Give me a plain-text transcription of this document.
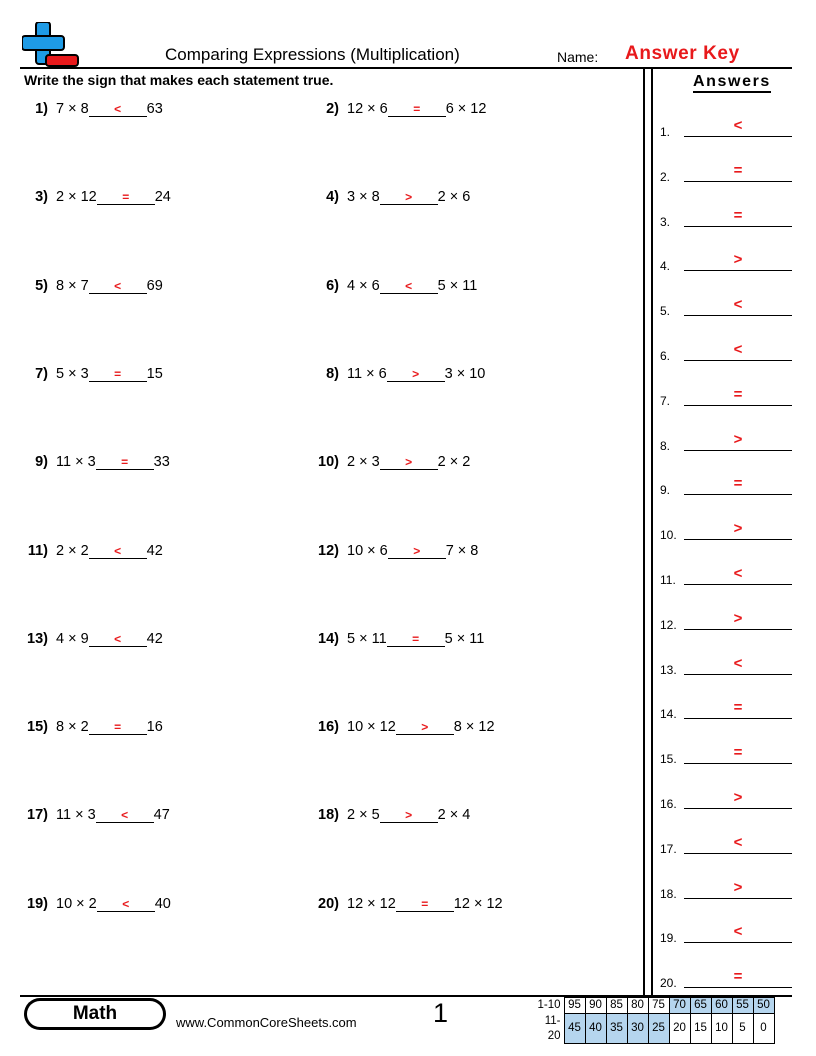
Comparing Expressions (Multiplication)	Name: Answer Key
Write the sign that makes each statement true.	Answers
1) 7 × 8	<	63	2) 12 × 6	=	6 × 12
3) 2 × 12	=	24	4) 3 × 8	>	2 × 6
5) 8 × 7	<	69	6) 4 × 6	<	5 × 11
7) 5 × 3	=	15	8) 11 × 6	>	3 × 10
9) 11 × 3	=	33	10) 2 × 3	>	2 × 2
11) 2 × 2	<	42	12) 10 × 6	>	7 × 8
13) 4 × 9	<	42	14) 5 × 11	=	5 × 11
15) 8 × 2	=	16	16) 10 × 12	>	8 × 12
17) 11 × 3	<	47	18) 2 × 5	>	2 × 4
19) 10 × 2	<	40	20) 12 × 12	=	12 × 12
1.	<
2.	=
3.	=
4.	>
5.	<
6.	<
7.	=
8.	>
9.	=
10.	>
11.	<
12.	>
13.	<
14.	=
15.	=
16.	>
17.	<
18.	>
19.	<
20.	=
Math	www.CommonCoreSheets.com	1	1-10	95	90	85	80	75	70	65	60	55	50
11-20	45	40	35	30	25	20	15	10	5	0
